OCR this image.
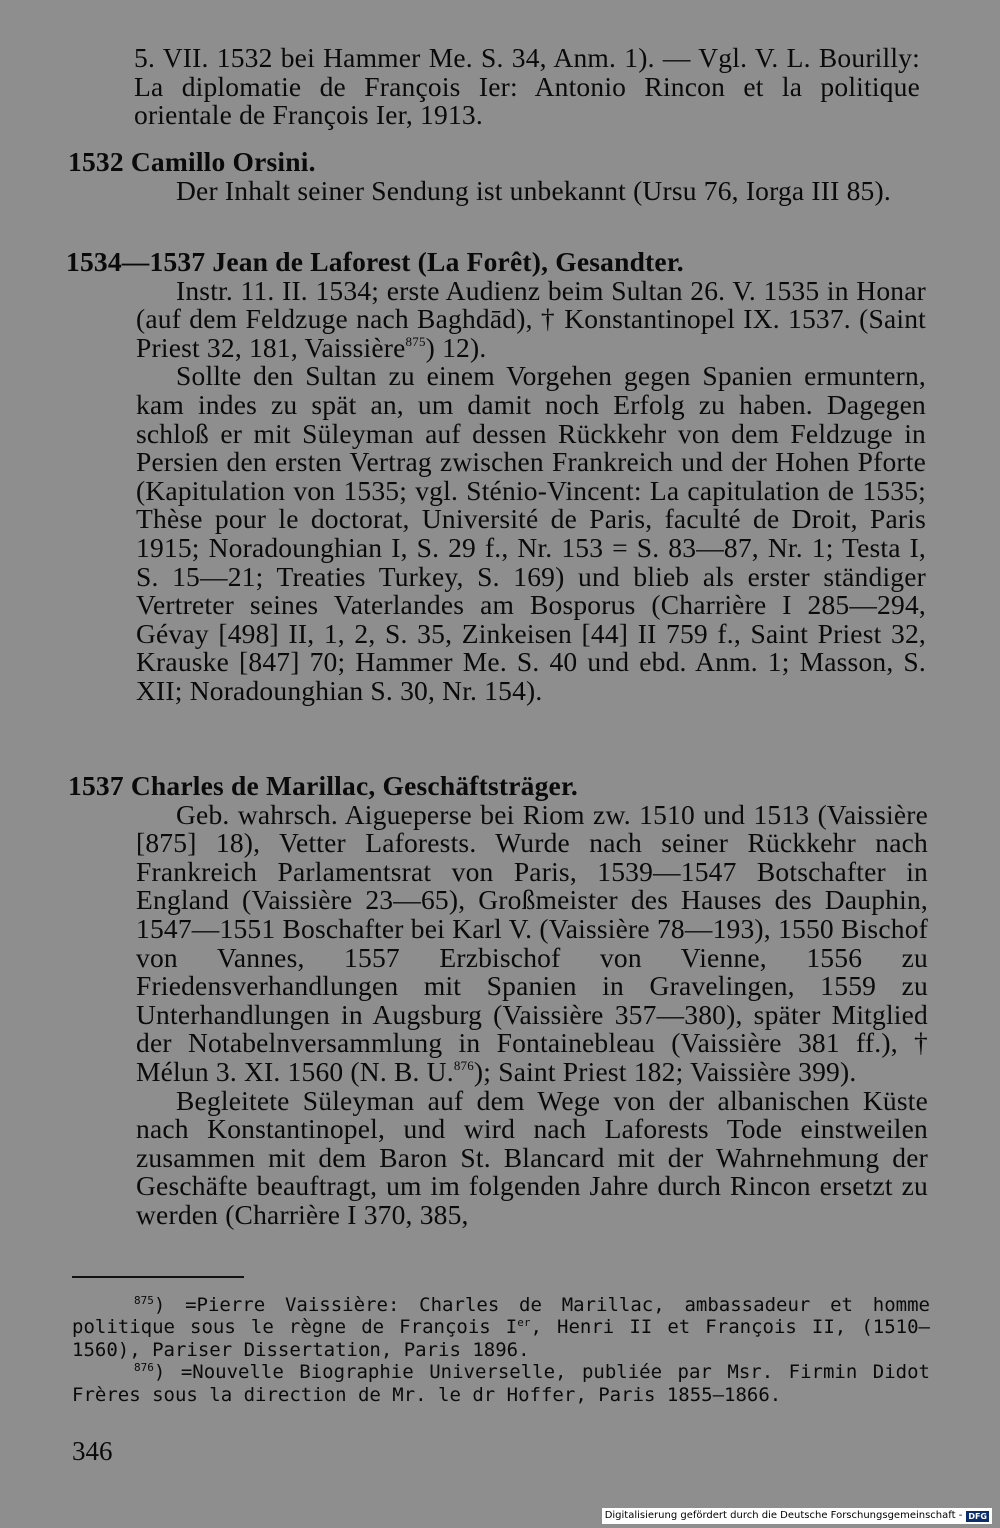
5. VII. 1532 bei Hammer Me. S. 34, Anm. 1). — Vgl. V. L. Bourilly: La diplomatie de François Ier: Antonio Rincon et la politique orientale de François Ier, 1913.

1532 Camillo Orsini.

Der Inhalt seiner Sendung ist unbekannt (Ursu 76, Iorga III 85).

1534—1537 Jean de Laforest (La Forêt), Gesandter.

Instr. 11. II. 1534; erste Audienz beim Sultan 26. V. 1535 in Honar (auf dem Feldzuge nach Baghdād), † Konstantinopel IX. 1537. (Saint Priest 32, 181, Vaissière$^{875}$) 12).

Sollte den Sultan zu einem Vorgehen gegen Spanien ermuntern, kam indes zu spät an, um damit noch Erfolg zu haben. Dagegen schloß er mit Süleyman auf dessen Rückkehr von dem Feldzuge in Persien den ersten Vertrag zwischen Frankreich und der Hohen Pforte (Kapitulation von 1535; vgl. Sténio-Vincent: La capitulation de 1535; Thèse pour le doctorat, Université de Paris, faculté de Droit, Paris 1915; Noradounghian I, S. 29 f., Nr. 153 = S. 83—87, Nr. 1; Testa I, S. 15—21; Treaties Turkey, S. 169) und blieb als erster ständiger Vertreter seines Vaterlandes am Bosporus (Charrière I 285—294, Gévay [498] II, 1, 2, S. 35, Zinkeisen [44] II 759 f., Saint Priest 32, Krauske [847] 70; Hammer Me. S. 40 und ebd. Anm. 1; Masson, S. XII; Noradounghian S. 30, Nr. 154).

1537 Charles de Marillac, Geschäftsträger.

Geb. wahrsch. Aigueperse bei Riom zw. 1510 und 1513 (Vaissière [875] 18), Vetter Laforests. Wurde nach seiner Rückkehr nach Frankreich Parlamentsrat von Paris, 1539—1547 Botschafter in England (Vaissière 23—65), Großmeister des Hauses des Dauphin, 1547—1551 Boschafter bei Karl V. (Vaissière 78—193), 1550 Bischof von Vannes, 1557 Erzbischof von Vienne, 1556 zu Friedensverhandlungen mit Spanien in Gravelingen, 1559 zu Unterhandlungen in Augsburg (Vaissière 357—380), später Mitglied der Notabelnversammlung in Fontainebleau (Vaissière 381 ff.), † Mélun 3. XI. 1560 (N. B. U.$^{876}$); Saint Priest 182; Vaissière 399).

Begleitete Süleyman auf dem Wege von der albanischen Küste nach Konstantinopel, und wird nach Laforests Tode einstweilen zusammen mit dem Baron St. Blancard mit der Wahrnehmung der Geschäfte beauftragt, um im folgenden Jahre durch Rincon ersetzt zu werden (Charrière I 370, 385,

$^{875}$) =Pierre Vaissière: Charles de Marillac, ambassadeur et homme politique sous le règne de François Ier, Henri II et François II, (1510—1560), Pariser Dissertation, Paris 1896.

$^{876}$) =Nouvelle Biographie Universelle, publiée par Msr. Firmin Didot Frères sous la direction de Mr. le dr Hoffer, Paris 1855—1866.

346
Digitalisierung gefördert durch die Deutsche Forschungsgemeinschaft - DFG
